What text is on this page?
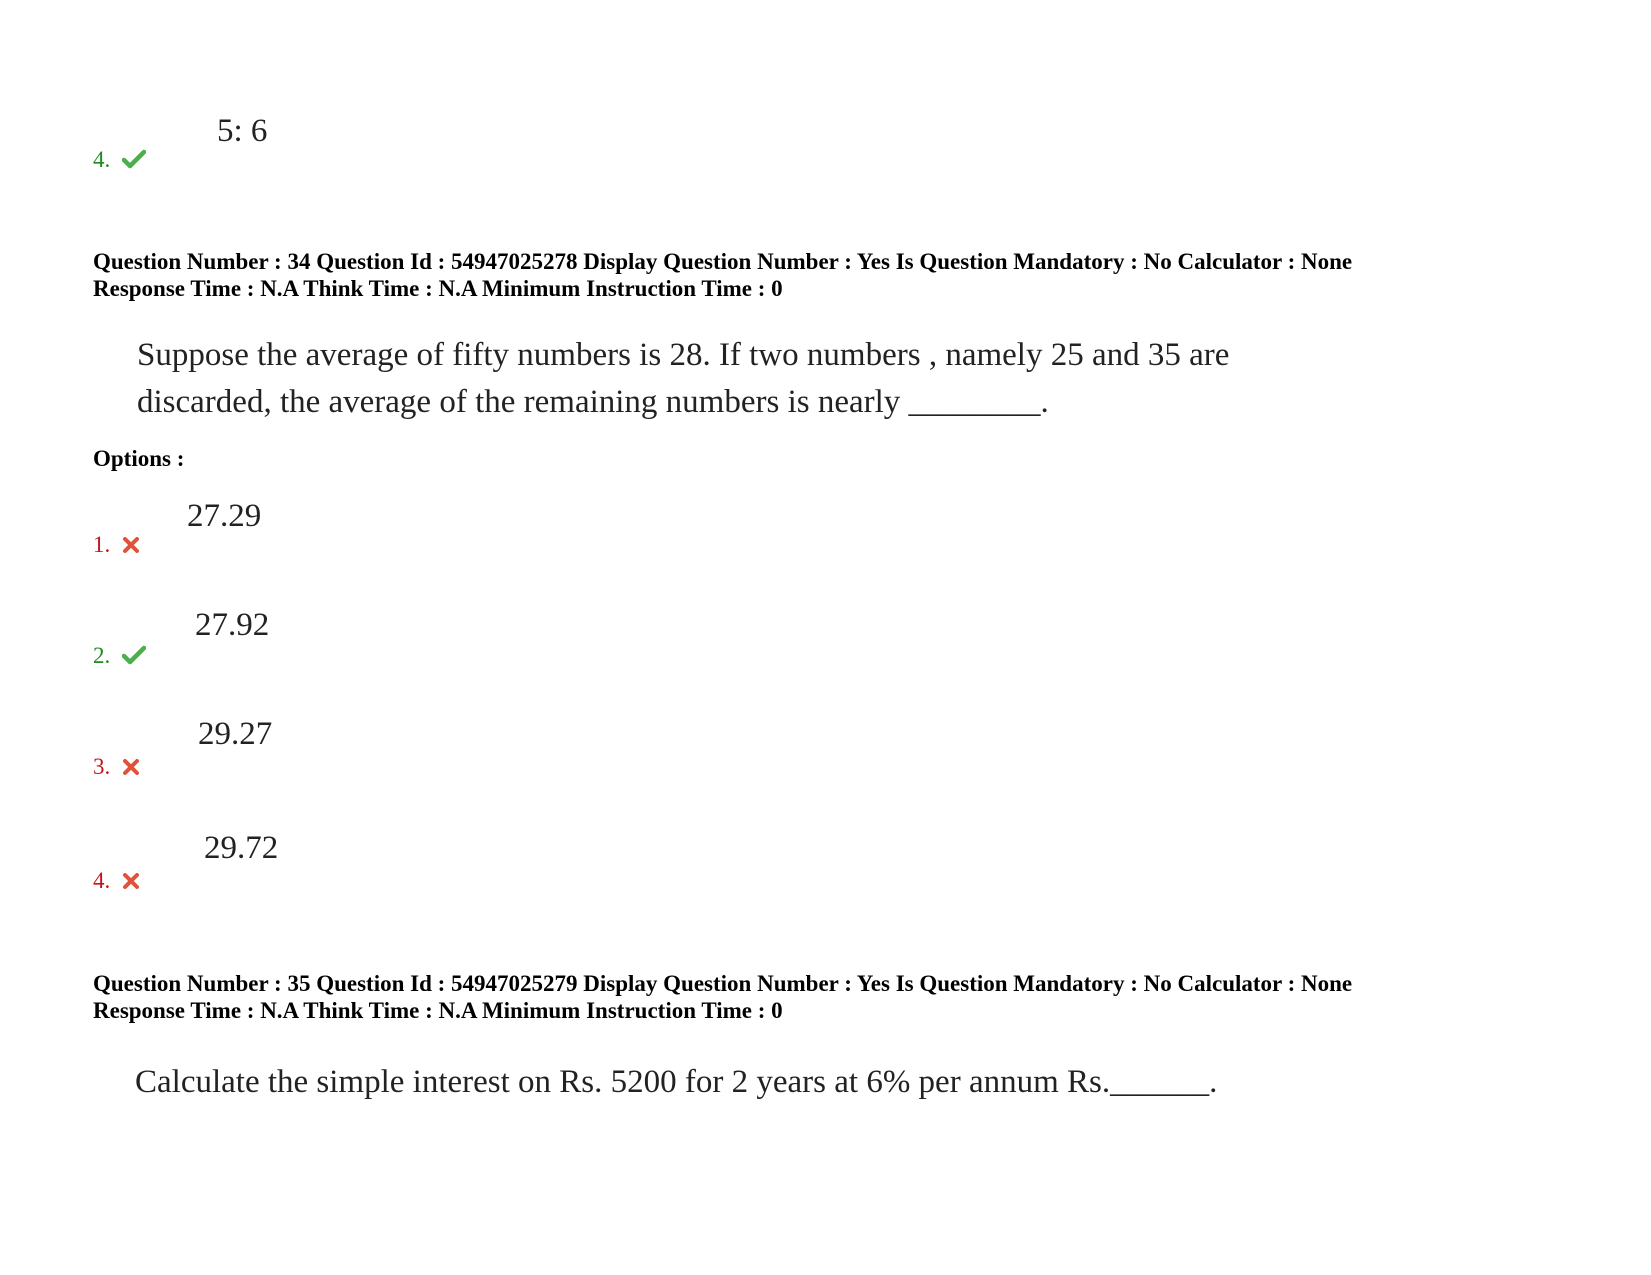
5: 6
4.
Question Number : 34 Question Id : 54947025278 Display Question Number : Yes Is Question Mandatory : No Calculator : None
Response Time : N.A Think Time : N.A Minimum Instruction Time : 0
Suppose the average of fifty numbers is 28. If two numbers , namely 25 and 35 are
discarded, the average of the remaining numbers is nearly ________.
Options :
27.29
1.
27.92
2.
29.27
3.
29.72
4.
Question Number : 35 Question Id : 54947025279 Display Question Number : Yes Is Question Mandatory : No Calculator : None
Response Time : N.A Think Time : N.A Minimum Instruction Time : 0
Calculate the simple interest on Rs. 5200 for 2 years at 6% per annum Rs.______.
